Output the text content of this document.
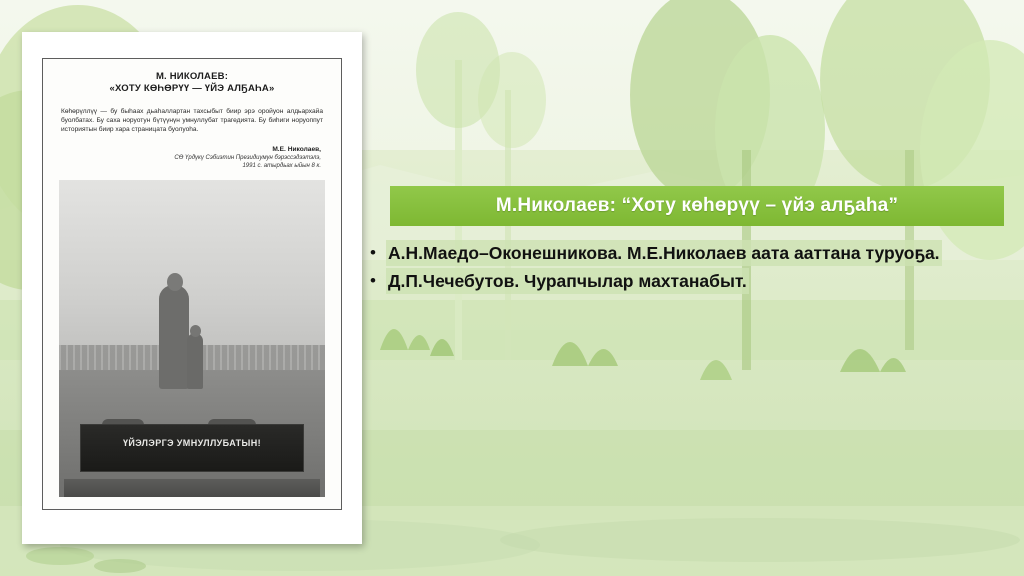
М. НИКОЛАЕВ:
«ХОТУ КӨҺӨРҮҮ — ҮЙЭ АЛҔАҺА»
Көһөрүллүү — бу быһаах дьаһаллартан тахсыбыт биир эрэ оройуон алдьархайа буолбатах. Бу саха норуотун бүтүүнүн умнуллубат трагедията. Бу биһиги норуоппут историятын биир хара страницата буолуоһа.
М.Е. Николаев,
СӨ Үрдүкү Сэбиэтин Президиумун бэрэссэдээтэлэ,
1991 с. атырдьах ыйын 8 к.
ҮЙЭЛЭРГЭ УМНУЛЛУБАТЫН!
М.Николаев: “Хоту көһөрүү – үйэ алҕаһа”
• А.Н.Маедо–Оконешникова. М.Е.Николаев аата ааттана туруоҕа.
• Д.П.Чечебутов. Чурапчылар махтанабыт.
